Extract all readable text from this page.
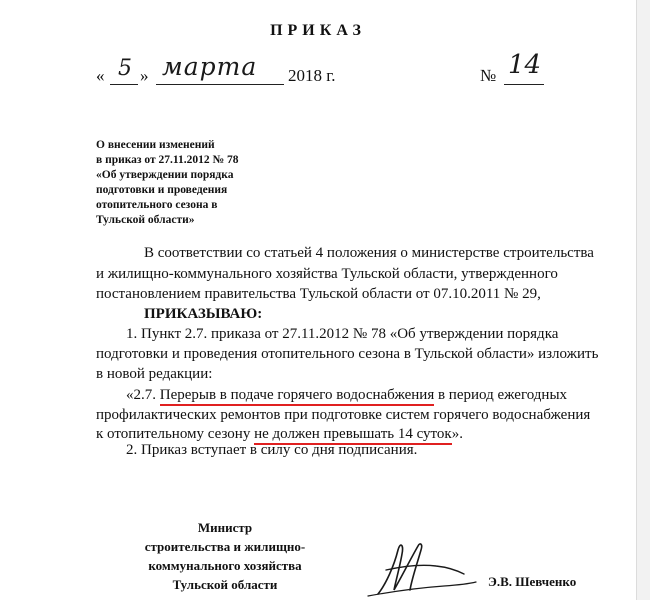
ПРИКАЗ
« 5 » марта 2018 г.	№ 14
О внесении изменений
в приказ от 27.11.2012 № 78
«Об утверждении порядка
подготовки и проведения
отопительного сезона в
Тульской области»
В соответствии со статьей 4 положения о министерстве строительства
и жилищно-коммунального хозяйства Тульской области, утвержденного
постановлением правительства Тульской области от 07.10.2011 № 29,
ПРИКАЗЫВАЮ:
1. Пункт 2.7. приказа от 27.11.2012 № 78 «Об утверждении порядка
подготовки и проведения отопительного сезона в Тульской области» изложить
в новой редакции:
«2.7. Перерыв в подаче горячего водоснабжения в период ежегодных
профилактических ремонтов при подготовке систем горячего водоснабжения
к отопительному сезону не должен превышать 14 суток».
2. Приказ вступает в силу со дня подписания.
Министр
строительства и жилищно-
коммунального хозяйства
Тульской области	Э.В. Шевченко
